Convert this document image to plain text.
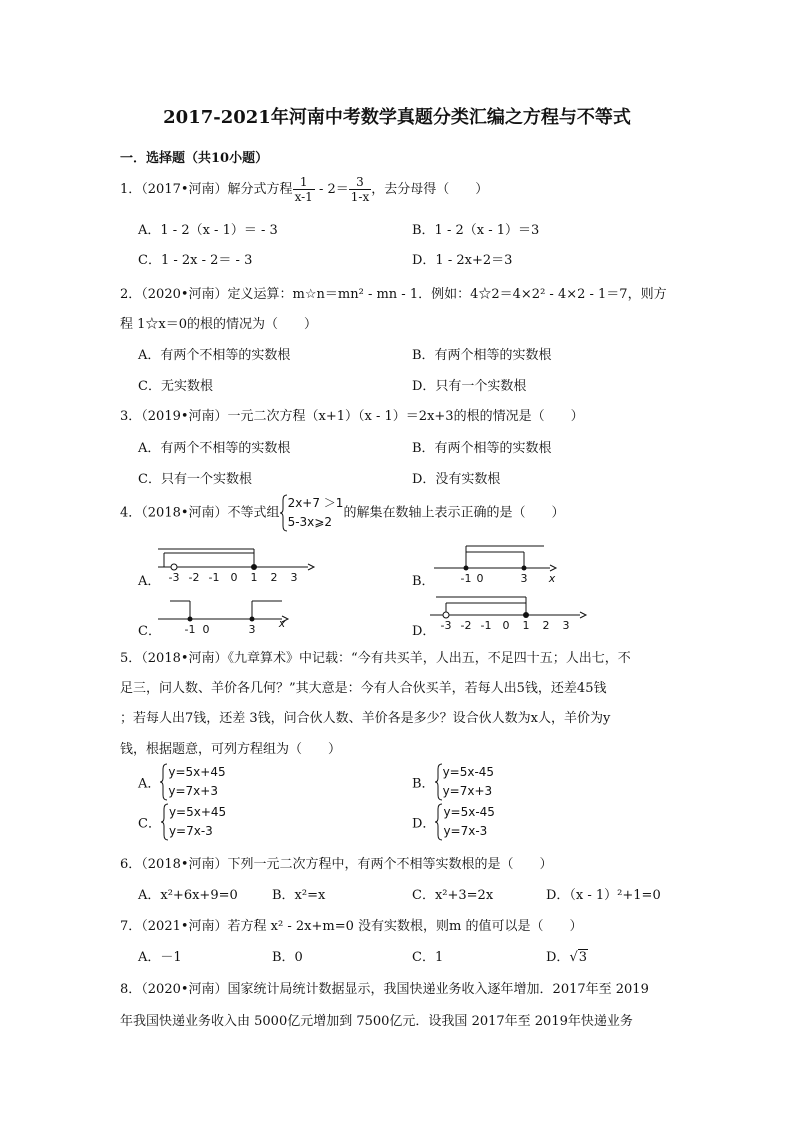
2017-2021年河南中考数学真题分类汇编之方程与不等式
一．选择题（共10小题）
1．（2017•河南）解分式方程 $\frac{1}{x-1} - 2= \frac{3}{1-x}$ ，去分母得（　　）
A．1 - 2（x - 1）＝ - 3	B．1 - 2（x - 1）＝3
C．1 - 2x - 2＝ - 3	D．1 - 2x+2＝3
2．（2020•河南）定义运算：m☆n＝mn² - mn - 1．例如：4☆2＝4×2² - 4×2 - 1＝7，则方
程 1☆x＝0的根的情况为（　　）
A．有两个不相等的实数根	B．有两个相等的实数根
C．无实数根	D．只有一个实数根
3．（2019•河南）一元二次方程（x+1）（x - 1）＝2x+3的根的情况是（　　）
A．有两个不相等的实数根	B．有两个相等的实数根
C．只有一个实数根	D．没有实数根
4．（2018•河南）不等式组
2x+7 ＞1
5-3x⩾2
的解集在数轴上表示正确的是（　　）
A． -3 -2 -1 0 1 2 3	B． -1 0	3 x
C． -1 0	3 x
D． -3 -2 -1 0 1 2 3
5．（2018•河南）《九章算术》中记载：“今有共买羊，人出五，不足四十五；人出七，不
足三，问人数、羊价各几何？”其大意是：今有人合伙买羊，若每人出5钱，还差45钱
；若每人出7钱，还差 3钱，问合伙人数、羊价各是多少？设合伙人数为x人，羊价为y
钱，根据题意，可列方程组为（　　）
A．
y=5x+45
y=7x+3	B．
y=5x-45
y=7x+3
C．
y=5x+45
y=7x-3	D．
y=5x-45
y=7x-3
6．（2018•河南）下列一元二次方程中，有两个不相等实数根的是（　　）
A．x²+6x+9=0	B．x²=x	C．x²+3=2x	D．（x - 1）²+1=0
7．（2021•河南）若方程 x² - 2x+m=0 没有实数根，则m 的值可以是（　　）
A．－1	B．0	C．1	D．√3
8．（2020•河南）国家统计局统计数据显示，我国快递业务收入逐年增加．2017年至 2019
年我国快递业务收入由 5000亿元增加到 7500亿元．设我国 2017年至 2019年快递业务
